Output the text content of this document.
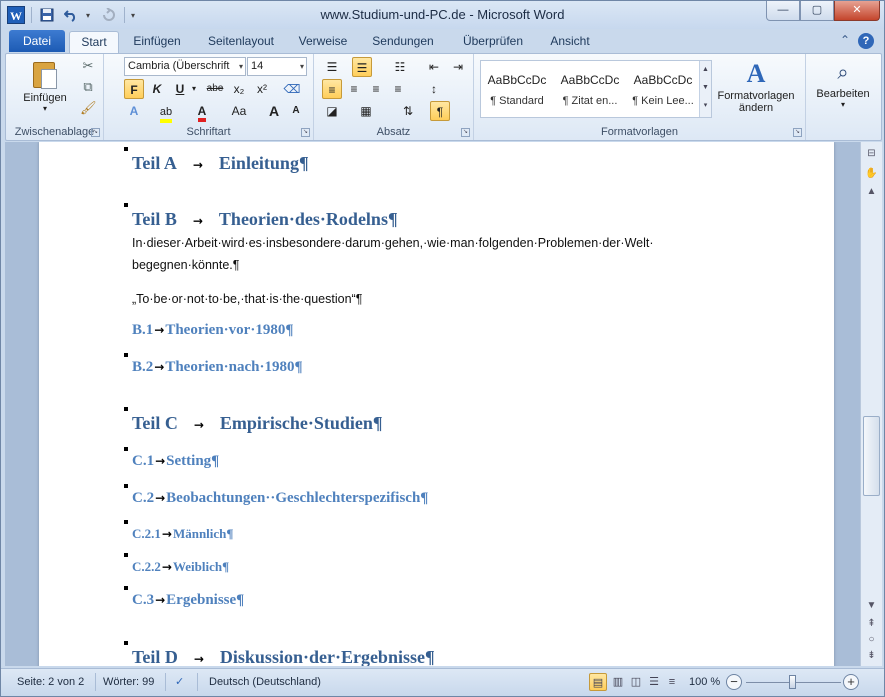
W	▾	▾	www.Studium-und-PC.de - Microsoft Word	—	▢	✕
Datei	Start	Einfügen	Seitenlayout	Verweise	Sendungen	Überprüfen	Ansicht	⌃	?
Einfügen
▾
✂
⧉
🖌
Zwischenablage
↘
Cambria (Überschrift ▾ 14	▾
F	K	U ▾ abe x₂	x²	⌫
A	ab	A	Aa	A	A
Schriftart	↘
☰	☰	☷	⇤	⇥
≡	≡	≡	≡	↕
◪	▦	⇅	¶
Absatz	↘	Formatvorlagen	↘
AaBbCcDc
¶ Standard
AaBbCcDc
¶ Zitat en...
AaBbCcDc
¶ Kein Lee...
▲
▼
▾
A
Formatvorlagen
ändern
⌕
Bearbeiten
▾
Teil A → Einleitung¶
Teil B → Theorien·des·Rodelns¶
In·dieser·Arbeit·wird·es·insbesondere·darum·gehen,·wie·man·folgenden·Problemen·der·Welt·
begegnen·könnte.¶
„To·be·or·not·to·be,·that·is·the·question“¶
B.1→Theorien·vor·1980¶
B.2→Theorien·nach·1980¶
Teil C → Empirische·Studien¶
C.1→Setting¶
C.2→Beobachtungen··Geschlechterspezifisch¶
C.2.1→Männlich¶
C.2.2→Weiblich¶
C.3→Ergebnisse¶
Teil D → Diskussion·der·Ergebnisse¶
⊟
✋
▲
▼
⇞
○
⇟
Seite: 2 von 2 Wörter: 99 ✓ Deutsch (Deutschland)	▤ ▥ ◫ ☰ ≡	100 % −	+
